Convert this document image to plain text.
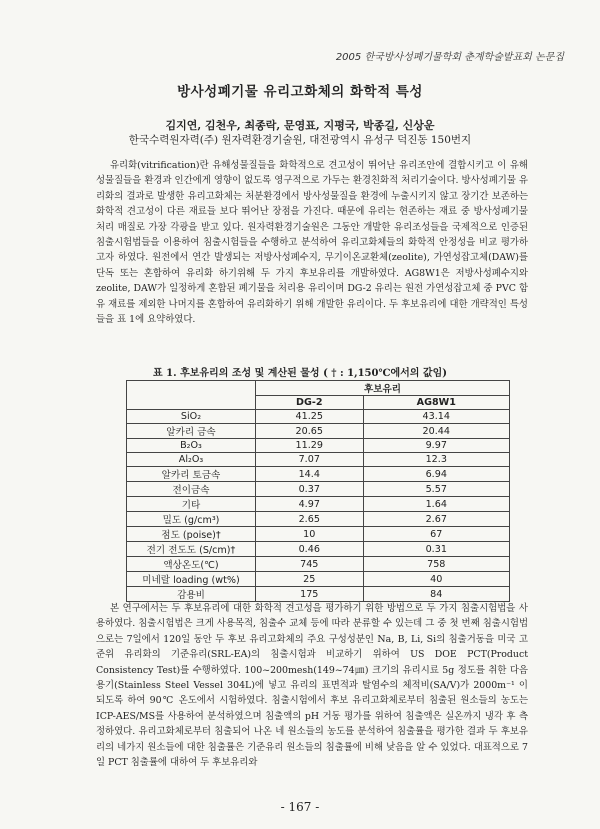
2005 한국방사성폐기물학회 춘계학술발표회 논문집
방사성폐기물 유리고화체의 화학적 특성
김지연, 김천우, 최종락, 문영표, 지평국, 박종길, 신상운
한국수력원자력(주) 원자력환경기술원, 대전광역시 유성구 덕진동 150번지

유리화(vitrification)란 유해성물질들을 화학적으로 견고성이 뛰어난 유리조안에 결합시키고 이 유해성물질들을 환경과 인간에게 영향이 없도록 영구적으로 가두는 환경친화적 처리기술이다. 방사성폐기물 유리화의 결과로 발생한 유리고화체는 처분환경에서 방사성물질을 환경에 누출시키지 않고 장기간 보존하는 화학적 견고성이 다른 재료들 보다 뛰어난 장점을 가진다. 때문에 유리는 현존하는 재료 중 방사성폐기물 처리 매질로 가장 각광을 받고 있다. 원자력환경기술원은 그동안 개발한 유리조성들을 국제적으로 인증된 침출시험법들을 이용하여 침출시험들을 수행하고 분석하여 유리고화체들의 화학적 안정성을 비교 평가하고자 하였다. 원전에서 연간 발생되는 저방사성폐수지, 무기이온교환체(zeolite), 가연성잡고체(DAW)를 단독 또는 혼합하여 유리화 하기위해 두 가지 후보유리를 개발하였다. AG8W1은 저방사성폐수지와 zeolite, DAW가 일정하게 혼합된 폐기물을 처리용 유리이며 DG-2 유리는 원전 가연성잡고체 중 PVC 함유 재료를 제외한 나머지를 혼합하여 유리화하기 위해 개발한 유리이다. 두 후보유리에 대한 개략적인 특성들을 표 1에 요약하였다.

표 1. 후보유리의 조성 및 계산된 물성 ( † : 1,150℃에서의 값임)
	후보유리	
	DG-2	AG8W1
SiO₂	41.25	43.14
알카리 금속	20.65	20.44
B₂O₃	11.29	9.97
Al₂O₃	7.07	12.3
알카리 토금속	14.4	6.94
전이금속	0.37	5.57
기타	4.97	1.64
밀도 (g/cm³)	2.65	2.67
점도 (poise)†	10	67
전기 전도도 (S/cm)†	0.46	0.31
액상온도(℃)	745	758
미네랄 loading (wt%)	25	40
감용비	175	84

본 연구에서는 두 후보유리에 대한 화학적 견고성을 평가하기 위한 방법으로 두 가지 침출시험법을 사용하였다. 침출시험법은 크게 사용목적, 침출수 교체 등에 따라 분류할 수 있는데 그 중 첫 번째 침출시험법으로는 7일에서 120일 동안 두 후보 유리고화체의 주요 구성성분인 Na, B, Li, Si의 침출거동을 미국 고준위 유리화의 기준유리(SRL-EA)의 침출시험과 비교하기 위하여 US DOE PCT(Product Consistency Test)를 수행하였다. 100~200mesh(149~74㎛) 크기의 유리시료 5g 정도를 취한 다음 용기(Stainless Steel Vessel 304L)에 넣고 유리의 표면적과 탈염수의 체적비(SA/V)가 2000m⁻¹ 이 되도록 하여 90℃ 온도에서 시험하였다. 침출시험에서 후보 유리고화체로부터 침출된 원소들의 농도는 ICP-AES/MS를 사용하여 분석하였으며 침출액의 pH 거동 평가를 위하여 침출액은 실온까지 냉각 후 측정하였다. 유리고화체로부터 침출되어 나온 네 원소들의 농도를 분석하여 침출률을 평가한 결과 두 후보유리의 네가지 원소들에 대한 침출률은 기준유리 원소들의 침출률에 비해 낮음을 알 수 있었다. 대표적으로 7일 PCT 침출률에 대하여 두 후보유리와

- 167 -
